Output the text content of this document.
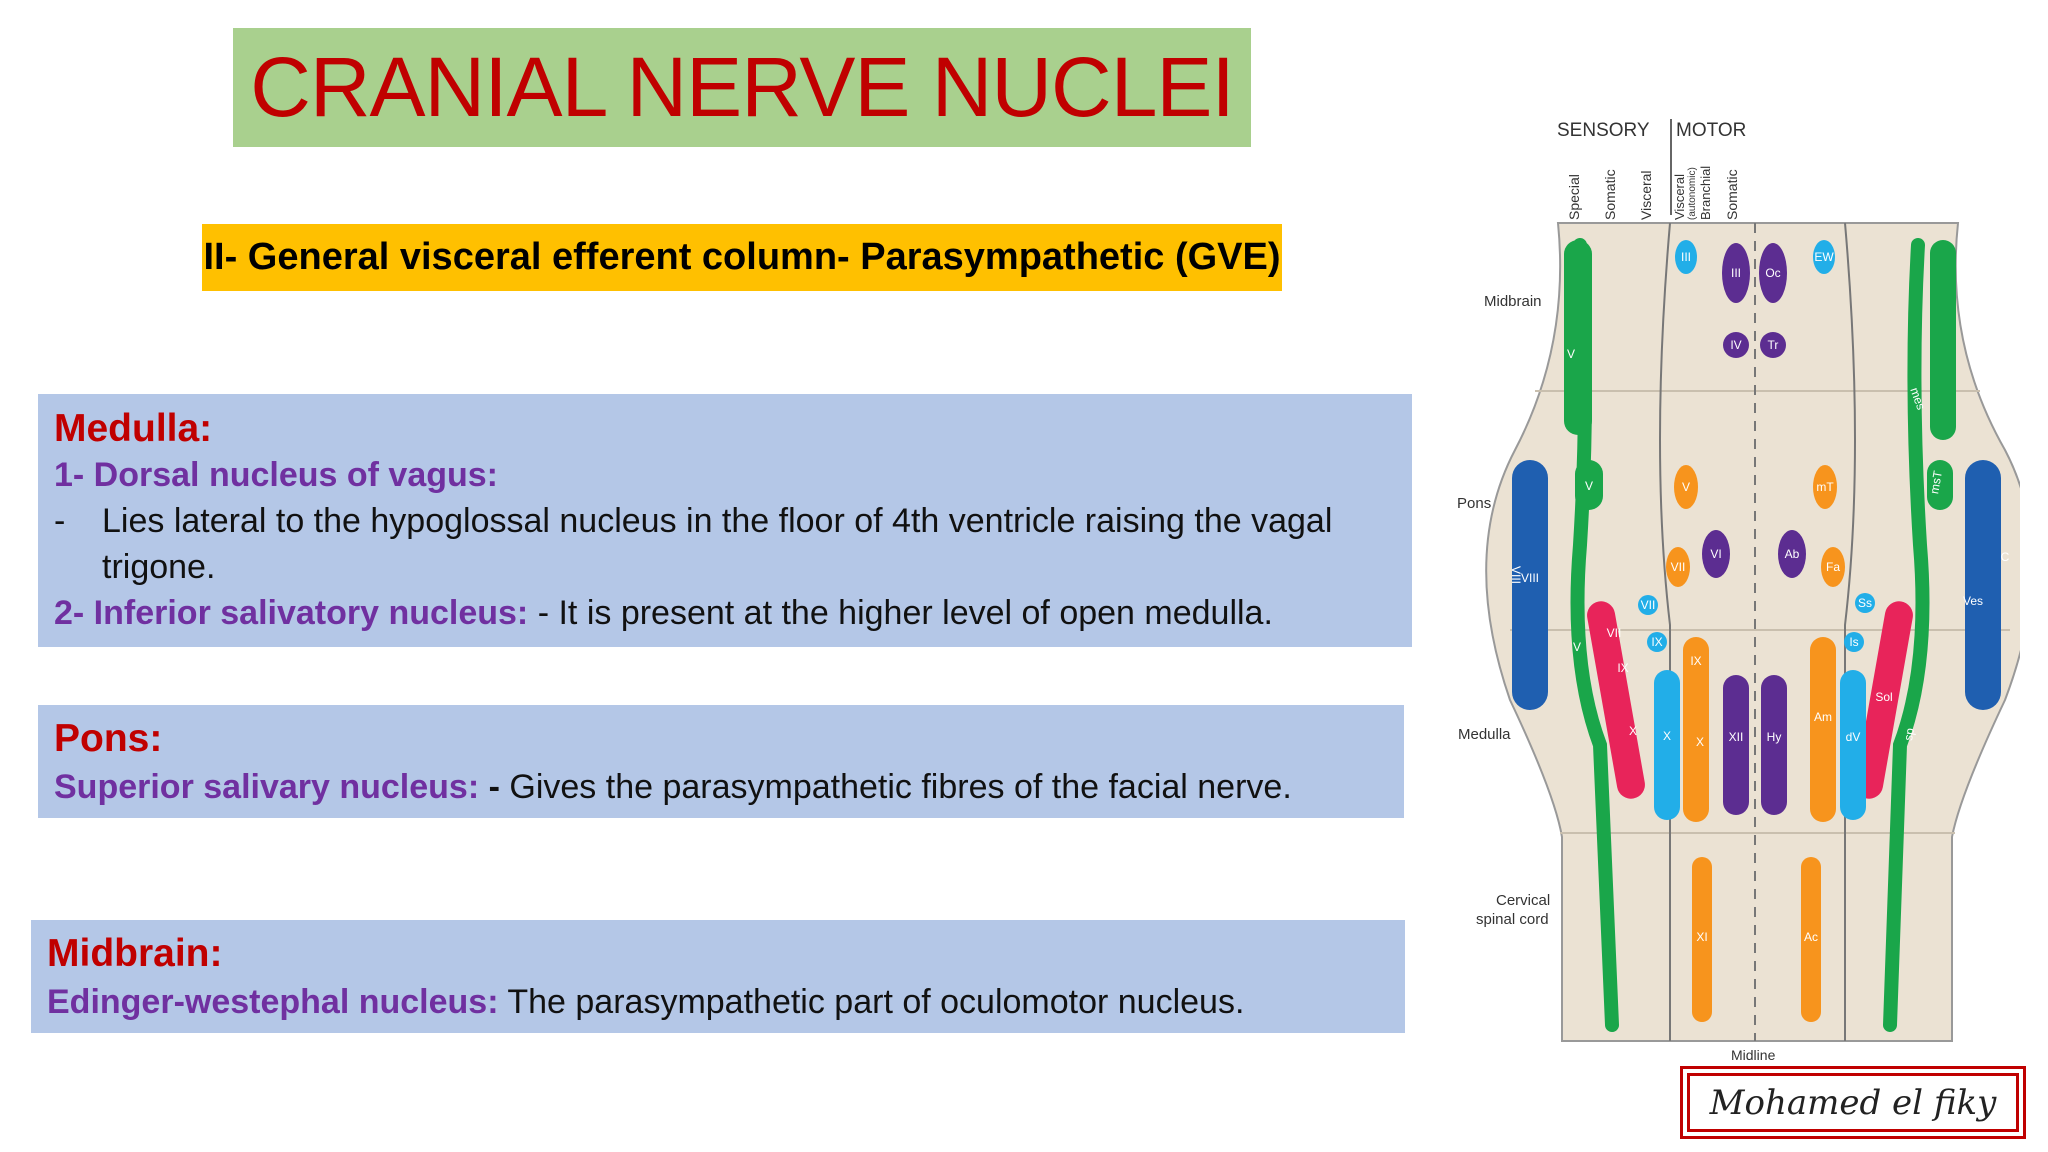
CRANIAL NERVE NUCLEI
II- General visceral efferent column- Parasympathetic (GVE)
Medulla:
1- Dorsal nucleus of vagus:
-	Lies lateral to the hypoglossal nucleus in the floor of 4th ventricle raising the vagal trigone.
2- Inferior salivatory nucleus: - It is present at the higher level of open medulla.
Pons:
Superior salivary nucleus: - Gives the parasympathetic fibres of the facial nerve.
Midbrain:
Edinger-westephal nucleus: The parasympathetic part of oculomotor nucleus.
SENSORY MOTOR
Special Somatic Visceral Visceral (autonomic) Branchial Somatic
Midbrain
Pons
Medulla
Cervical
spinal cord
Midline
III
III Oc
EW
IV Tr
V
V	V	mT
mes
msT
VI	Ab
VII	Fa
VIII
VIII
Ves
C
VII	Ss
IX	Is
VII
IX
X
IX
X	XII Hy
Am
dV
Sol
sp
X
V
XI	Ac
Mohamed el fiky
